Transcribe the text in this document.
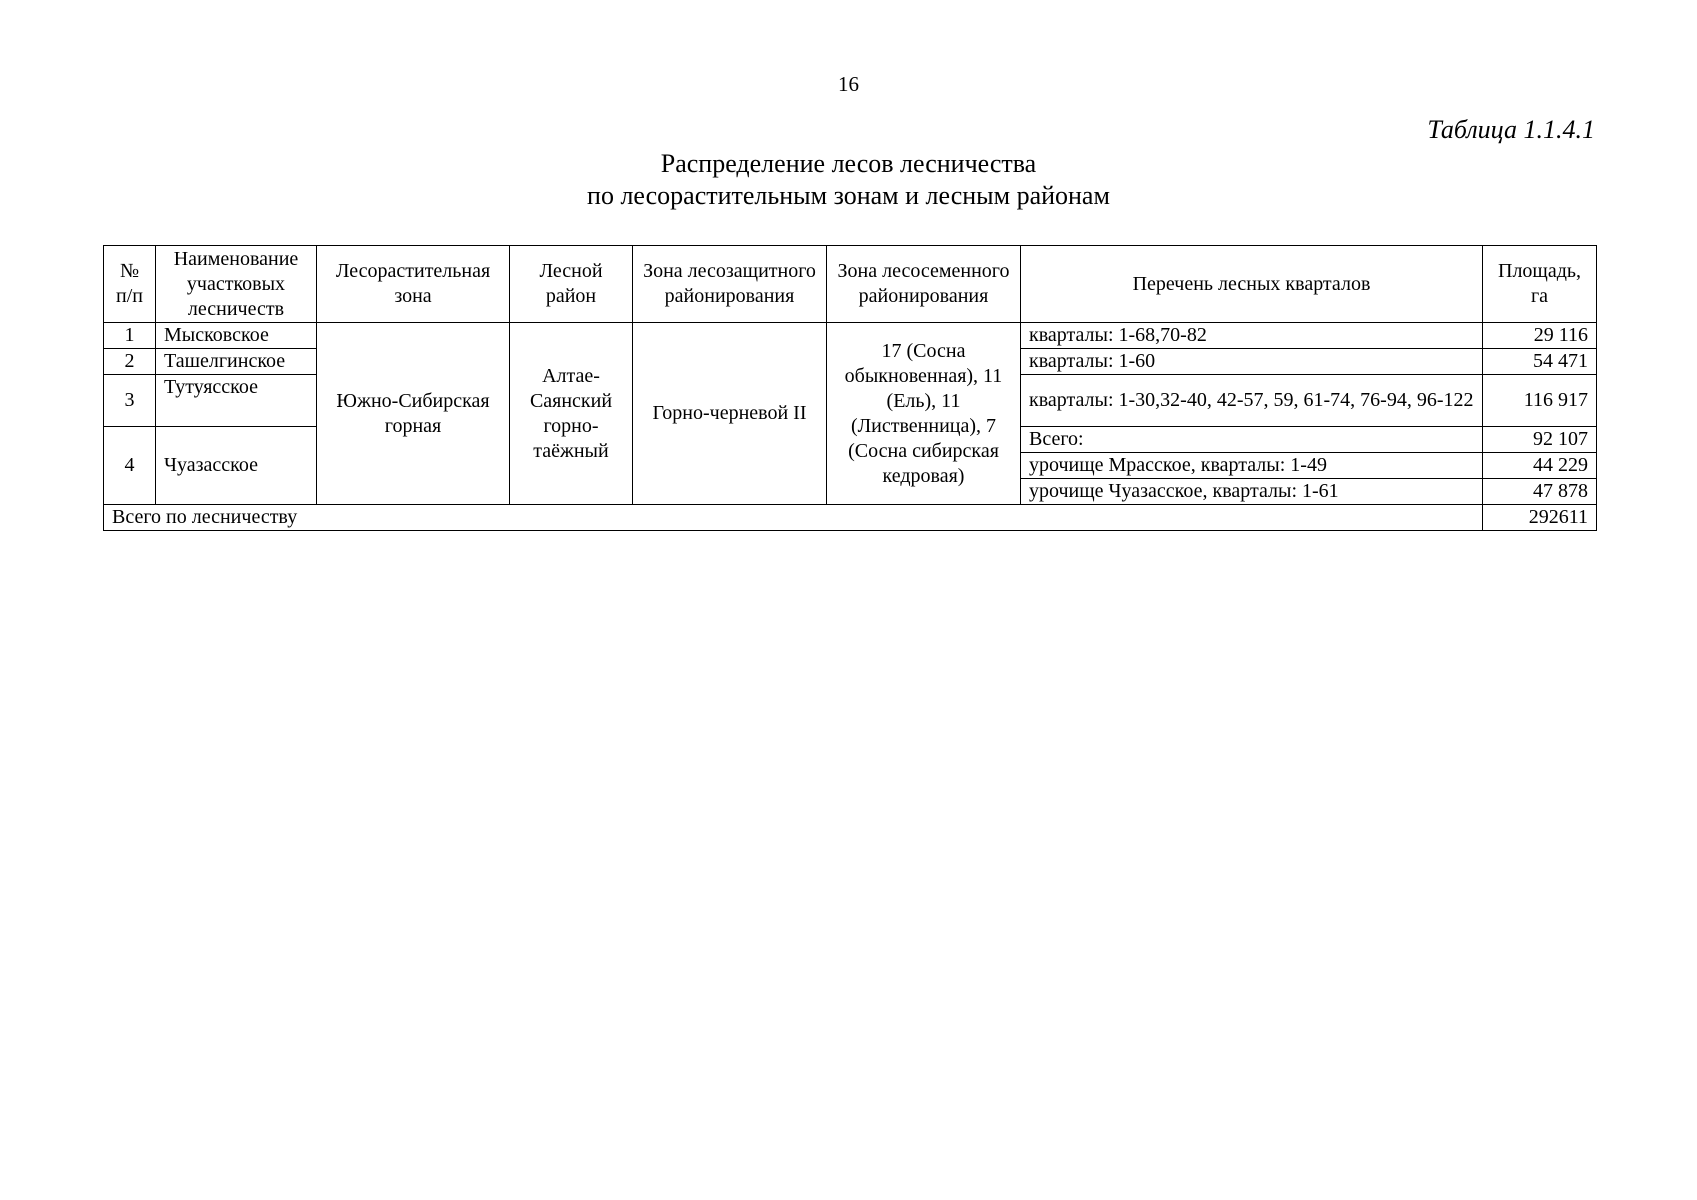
16
Таблица 1.1.4.1
Распределение лесов лесничества
по лесорастительным зонам и лесным районам
№ п/п	Наименование участковых лесничеств	Лесорастительная зона	Лесной район	Зона лесозащитного районирования	Зона лесосеменного районирования	Перечень лесных кварталов	Площадь, га
1	Мысковское	Южно-Сибирская горная	Алтае-Саянский горно-таёжный	Горно-черневой II	17 (Сосна обыкновенная), 11 (Ель), 11 (Лиственница), 7 (Сосна сибирская кедровая)	кварталы: 1-68,70-82	29 116
2	Ташелгинское					кварталы: 1-60	54 471
3	Тутуясское					кварталы: 1-30,32-40, 42-57, 59, 61-74, 76-94, 96-122	116 917
4	Чуазасское					Всего:	92 107
						урочище Мрасское, кварталы: 1-49	44 229
						урочище Чуазасское, кварталы: 1-61	47 878
Всего по лесничеству							292611
